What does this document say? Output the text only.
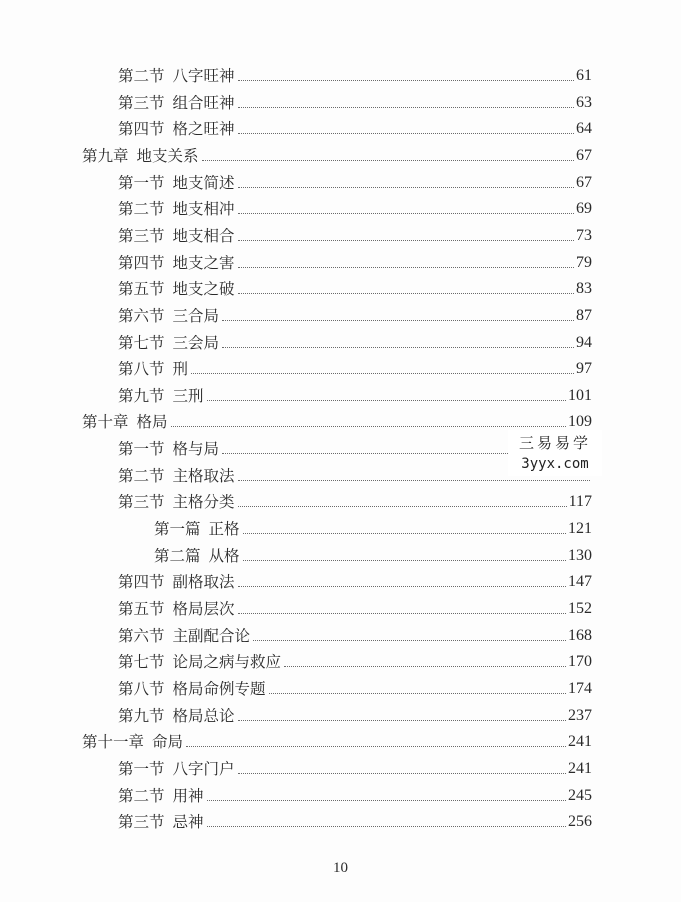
第二节 八字旺神	61
第三节 组合旺神	63
第四节 格之旺神	64
第九章 地支关系	67
第一节 地支简述	67
第二节 地支相冲	69
第三节 地支相合	73
第四节 地支之害	79
第五节 地支之破	83
第六节 三合局	87
第七节 三会局	94
第八节 刑	97
第九节 三刑	101
第十章 格局	109
第一节 格与局
第二节 主格取法
第三节 主格分类	117
第一篇 正格	121
第二篇 从格	130
第四节 副格取法	147
第五节 格局层次	152
第六节 主副配合论	168
第七节 论局之病与救应	170
第八节 格局命例专题	174
第九节 格局总论	237
第十一章 命局	241
第一节 八字门户	241
第二节 用神	245
第三节 忌神	256
三易易学
3yyx.com
10
